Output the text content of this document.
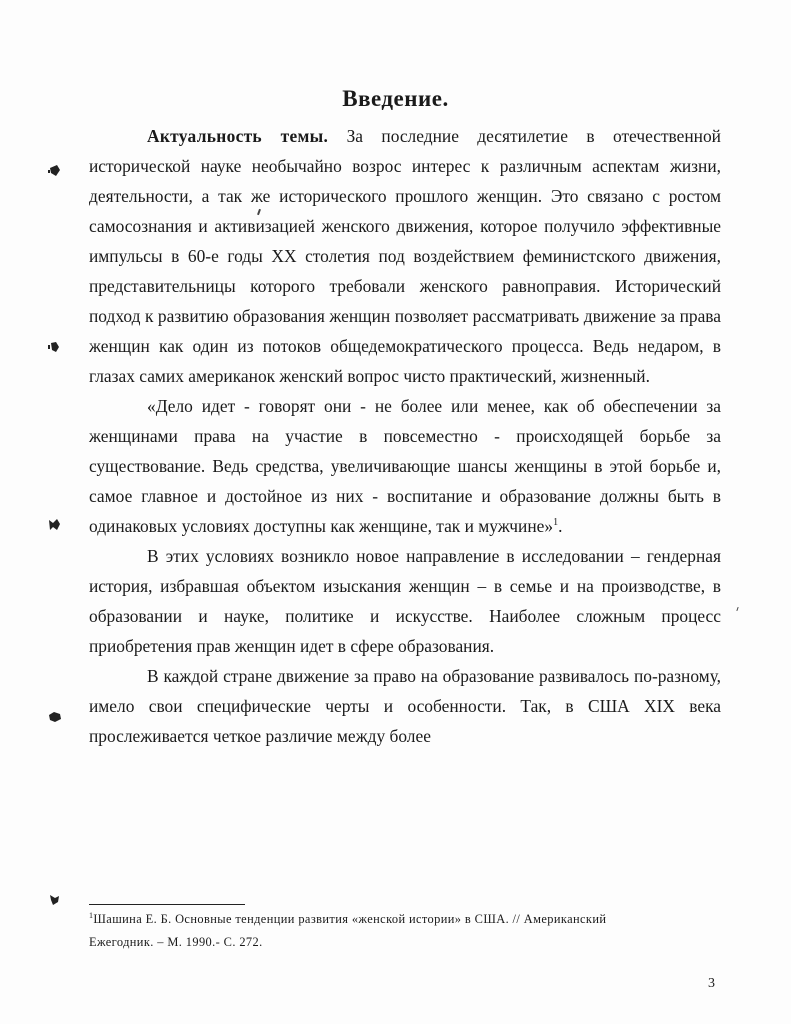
Введение.

Актуальность темы. За последние десятилетие в отечественной исторической науке необычайно возрос интерес к различным аспектам жизни, деятельности, а так же исторического прошлого женщин. Это связано с ростом самосознания и активизацией женского движения, которое получило эффективные импульсы в 60-е годы XX столетия под воздействием феминистского движения, представительницы которого требовали женского равноправия. Исторический подход к развитию образования женщин позволяет рассматривать движение за права женщин как один из потоков общедемократического процесса. Ведь недаром, в глазах самих американок женский вопрос чисто практический, жизненный.

«Дело идет - говорят они - не более или менее, как об обеспечении за женщинами права на участие в повсеместно - происходящей борьбе за существование. Ведь средства, увеличивающие шансы женщины в этой борьбе и, самое главное и достойное из них - воспитание и образование должны быть в одинаковых условиях доступны как женщине, так и мужчине»$^1$.

В этих условиях возникло новое направление в исследовании – гендерная история, избравшая объектом изыскания женщин – в семье и на производстве, в образовании и науке, политике и искусстве. Наиболее сложным процесс приобретения прав женщин идет в сфере образования.

В каждой стране движение за право на образование развивалось по-разному, имело свои специфические черты и особенности. Так, в США XIX века прослеживается четкое различие между более

$^1$Шашина Е. Б. Основные тенденции развития «женской истории» в США. // Американский Ежегодник. – М. 1990.- С. 272.
3
